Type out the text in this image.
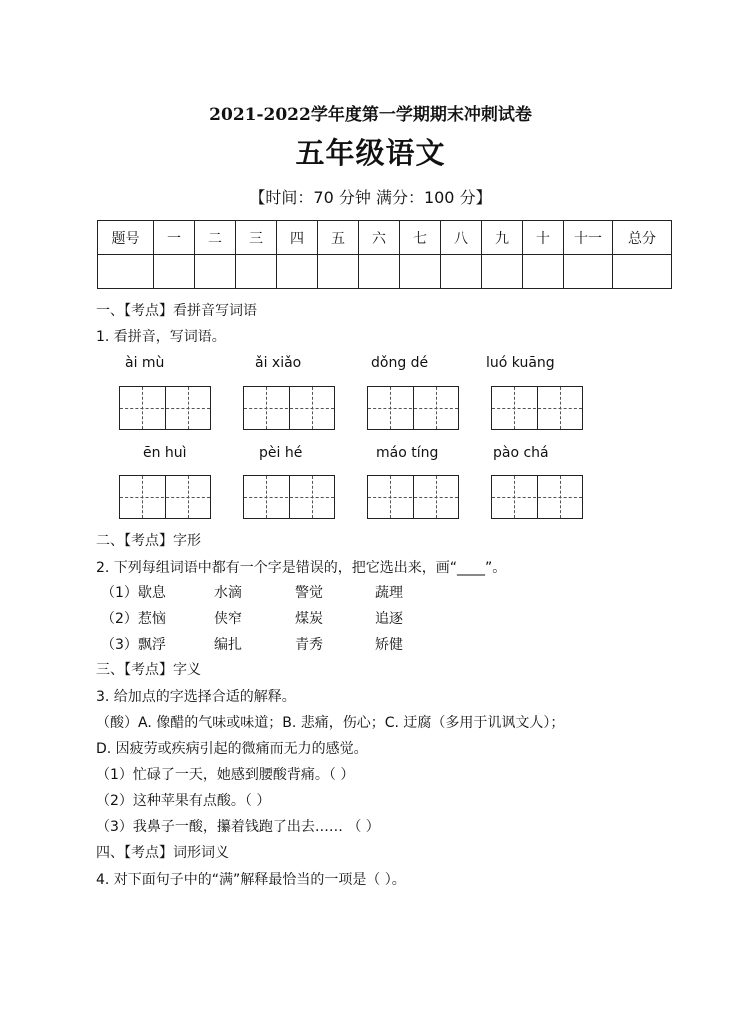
2021-2022学年度第一学期期末冲刺试卷
五年级语文
【时间：70 分钟 满分：100 分】
题号	一	二	三	四	五	六	七	八	九	十	十一	总分

一、【考点】看拼音写词语
1. 看拼音，写词语。
ài mù	ǎi xiǎo	dǒng dé	luó kuāng
ēn huì	pèi hé	máo tíng	pào chá
二、【考点】字形
2. 下列每组词语中都有一个字是错误的，把它选出来，画“____”。
（1）歇息	水滴	警觉	蔬理
（2）惹恼	侠窄	煤炭	追逐
（3）飘浮	编扎	青秀	矫健
三、【考点】字义
3. 给加点的字选择合适的解释。
（酸）A. 像醋的气味或味道；B. 悲痛，伤心；C. 迂腐（多用于讥讽文人）；
D. 因疲劳或疾病引起的微痛而无力的感觉。
（1）忙碌了一天，她感到腰酸背痛。（ ）
（2）这种苹果有点酸。（ ）
（3）我鼻子一酸，攥着钱跑了出去…… （ ）
四、【考点】词形词义
4. 对下面句子中的“满”解释最恰当的一项是（ ）。
